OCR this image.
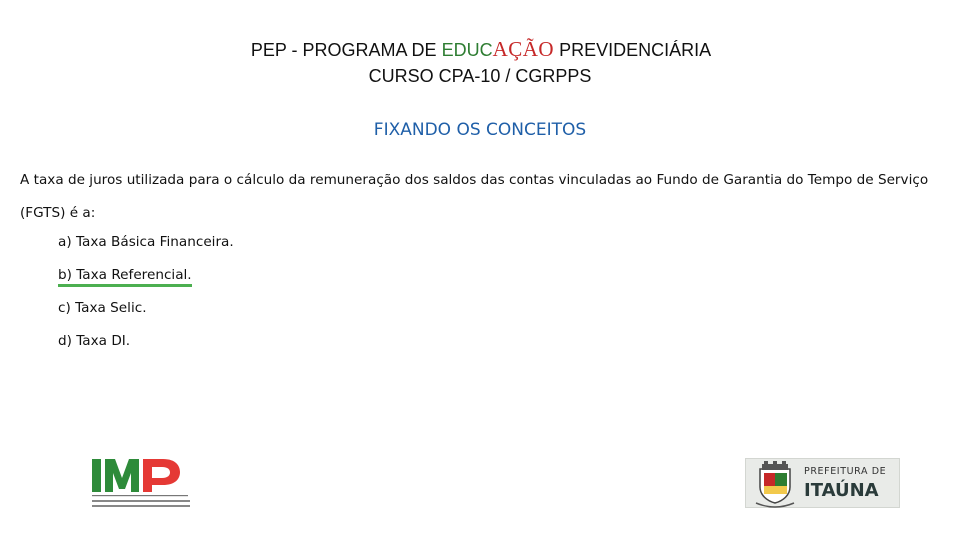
PEP - PROGRAMA DE EDUCAÇÃO PREVIDENCIÁRIA
CURSO CPA-10 / CGRPPS
FIXANDO OS CONCEITOS
A taxa de juros utilizada para o cálculo da remuneração dos saldos das contas vinculadas ao Fundo de Garantia do Tempo de Serviço (FGTS) é a:
a) Taxa Básica Financeira.
b) Taxa Referencial.
c) Taxa Selic.
d) Taxa DI.
PREFEITURA DE
ITAÚNA
